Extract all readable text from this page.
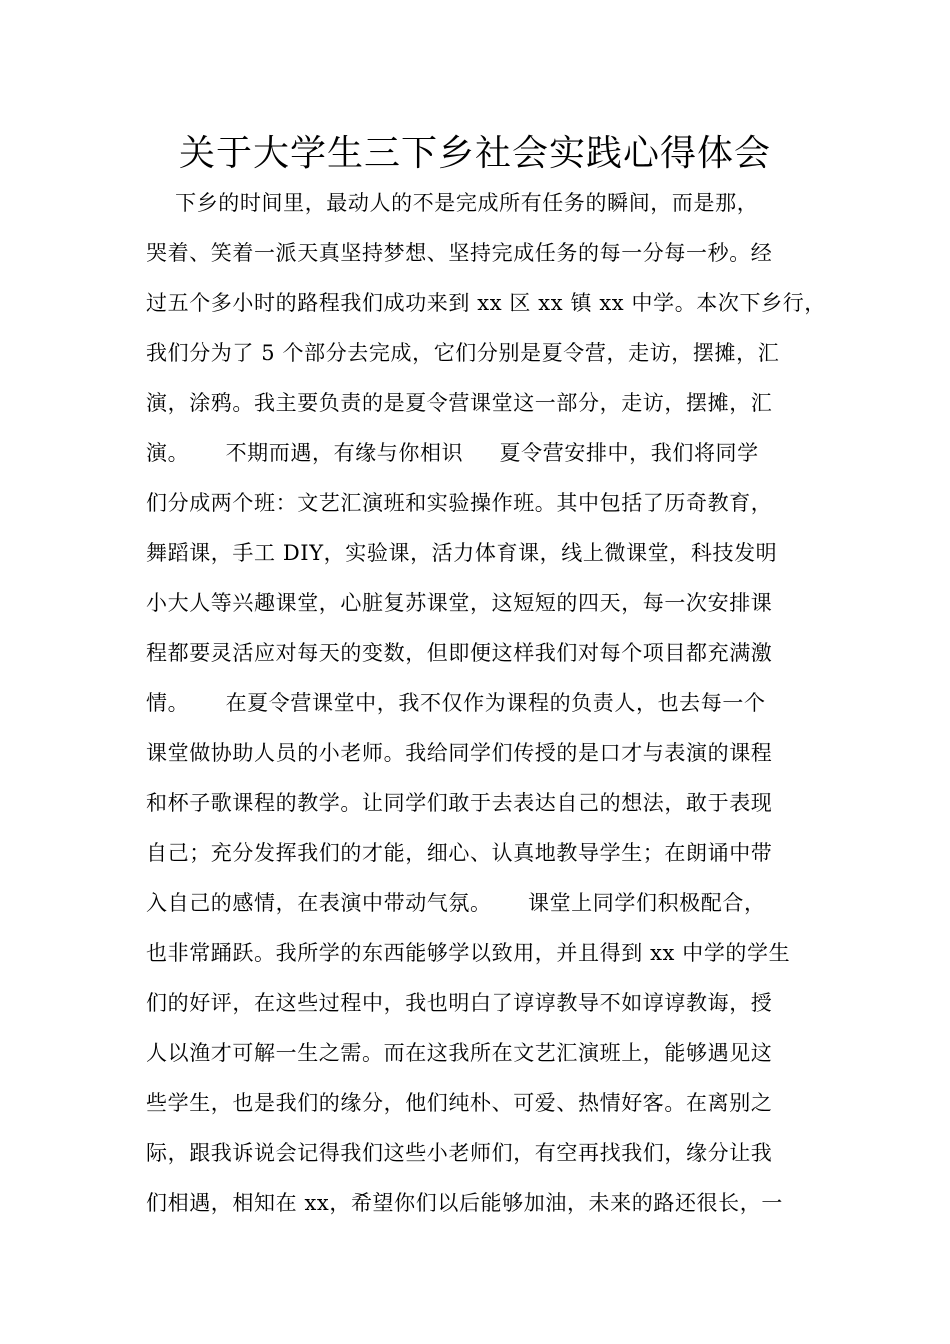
关于大学生三下乡社会实践心得体会
下乡的时间里，最动人的不是完成所有任务的瞬间，而是那，
哭着、笑着一派天真坚持梦想、坚持完成任务的每一分每一秒。经
过五个多小时的路程我们成功来到 xx 区 xx 镇 xx 中学。本次下乡行，
我们分为了 5 个部分去完成，它们分别是夏令营，走访，摆摊，汇
演，涂鸦。我主要负责的是夏令营课堂这一部分，走访，摆摊，汇
演。     不期而遇，有缘与你相识     夏令营安排中，我们将同学
们分成两个班：文艺汇演班和实验操作班。其中包括了历奇教育，
舞蹈课，手工 DIY，实验课，活力体育课，线上微课堂，科技发明
小大人等兴趣课堂，心脏复苏课堂，这短短的四天，每一次安排课
程都要灵活应对每天的变数，但即便这样我们对每个项目都充满激
情。     在夏令营课堂中，我不仅作为课程的负责人，也去每一个
课堂做协助人员的小老师。我给同学们传授的是口才与表演的课程
和杯子歌课程的教学。让同学们敢于去表达自己的想法，敢于表现
自己；充分发挥我们的才能，细心、认真地教导学生；在朗诵中带
入自己的感情，在表演中带动气氛。     课堂上同学们积极配合，
也非常踊跃。我所学的东西能够学以致用，并且得到 xx 中学的学生
们的好评，在这些过程中，我也明白了谆谆教导不如谆谆教诲，授
人以渔才可解一生之需。而在这我所在文艺汇演班上，能够遇见这
些学生，也是我们的缘分，他们纯朴、可爱、热情好客。在离别之
际，跟我诉说会记得我们这些小老师们，有空再找我们，缘分让我
们相遇，相知在 xx，希望你们以后能够加油，未来的路还很长，一
